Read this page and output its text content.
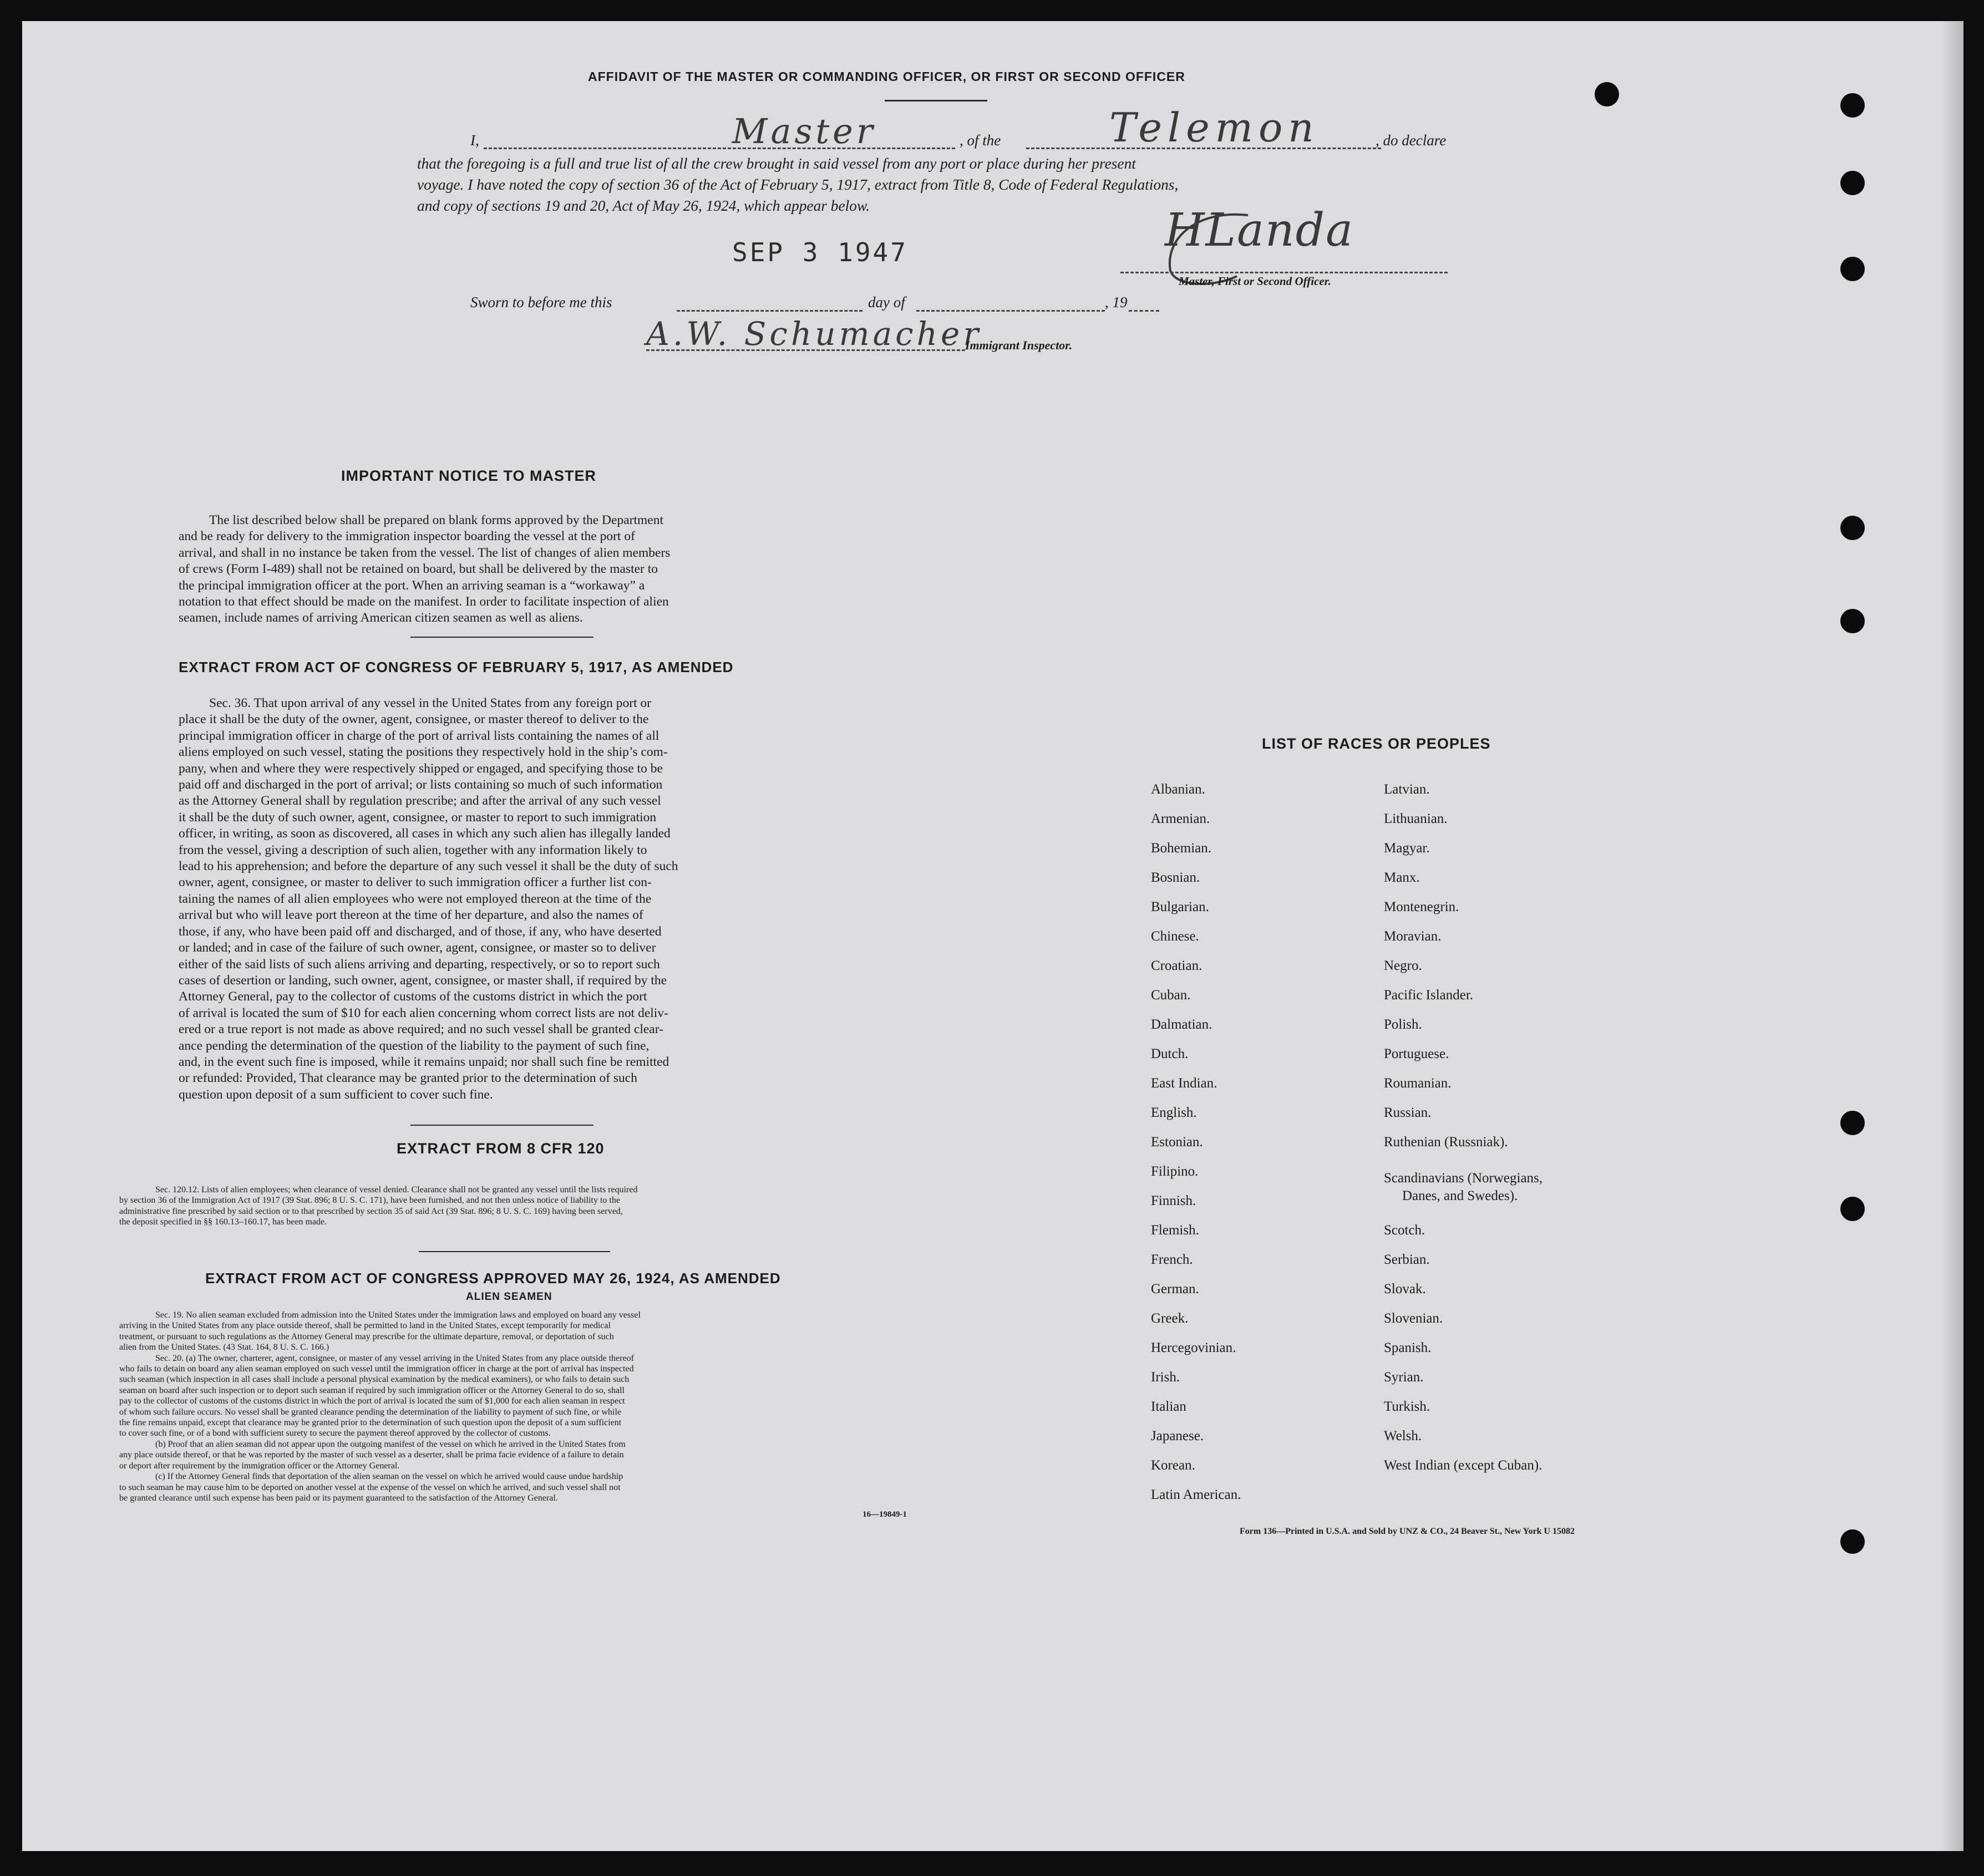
AFFIDAVIT OF THE MASTER OR COMMANDING OFFICER, OR FIRST OR SECOND OFFICER
I,	Master	, of the	Telemon	, do declare
that the foregoing is a full and true list of all the crew brought in said vessel from any port or place during her present
voyage. I have noted the copy of section 36 of the Act of February 5, 1917, extract from Title 8, Code of Federal Regulations,
and copy of sections 19 and 20, Act of May 26, 1924, which appear below.
SEP 3 1947	HLanda
Master, First or Second Officer.
Sworn to before me this	day of	, 19
A.W. Schumacher
Immigrant Inspector.
IMPORTANT NOTICE TO MASTER
The list described below shall be prepared on blank forms approved by the Department
and be ready for delivery to the immigration inspector boarding the vessel at the port of
arrival, and shall in no instance be taken from the vessel. The list of changes of alien members
of crews (Form I-489) shall not be retained on board, but shall be delivered by the master to
the principal immigration officer at the port. When an arriving seaman is a “workaway” a
notation to that effect should be made on the manifest. In order to facilitate inspection of alien
seamen, include names of arriving American citizen seamen as well as aliens.
EXTRACT FROM ACT OF CONGRESS OF FEBRUARY 5, 1917, AS AMENDED
Sec. 36. That upon arrival of any vessel in the United States from any foreign port or
place it shall be the duty of the owner, agent, consignee, or master thereof to deliver to the
principal immigration officer in charge of the port of arrival lists containing the names of all
aliens employed on such vessel, stating the positions they respectively hold in the ship’s com-
pany, when and where they were respectively shipped or engaged, and specifying those to be
paid off and discharged in the port of arrival; or lists containing so much of such information
as the Attorney General shall by regulation prescribe; and after the arrival of any such vessel
it shall be the duty of such owner, agent, consignee, or master to report to such immigration
officer, in writing, as soon as discovered, all cases in which any such alien has illegally landed
from the vessel, giving a description of such alien, together with any information likely to
lead to his apprehension; and before the departure of any such vessel it shall be the duty of such
owner, agent, consignee, or master to deliver to such immigration officer a further list con-
taining the names of all alien employees who were not employed thereon at the time of the
arrival but who will leave port thereon at the time of her departure, and also the names of
those, if any, who have been paid off and discharged, and of those, if any, who have deserted
or landed; and in case of the failure of such owner, agent, consignee, or master so to deliver
either of the said lists of such aliens arriving and departing, respectively, or so to report such
cases of desertion or landing, such owner, agent, consignee, or master shall, if required by the
Attorney General, pay to the collector of customs of the customs district in which the port
of arrival is located the sum of $10 for each alien concerning whom correct lists are not deliv-
ered or a true report is not made as above required; and no such vessel shall be granted clear-
ance pending the determination of the question of the liability to the payment of such fine,
and, in the event such fine is imposed, while it remains unpaid; nor shall such fine be remitted
or refunded: Provided, That clearance may be granted prior to the determination of such
question upon deposit of a sum sufficient to cover such fine.
EXTRACT FROM 8 CFR 120
Sec. 120.12. Lists of alien employees; when clearance of vessel denied. Clearance shall not be granted any vessel until the lists required
by section 36 of the Immigration Act of 1917 (39 Stat. 896; 8 U. S. C. 171), have been furnished, and not then unless notice of liability to the
administrative fine prescribed by said section or to that prescribed by section 35 of said Act (39 Stat. 896; 8 U. S. C. 169) having been served,
the deposit specified in §§ 160.13–160.17, has been made.
EXTRACT FROM ACT OF CONGRESS APPROVED MAY 26, 1924, AS AMENDED
ALIEN SEAMEN
Sec. 19. No alien seaman excluded from admission into the United States under the immigration laws and employed on board any vessel
arriving in the United States from any place outside thereof, shall be permitted to land in the United States, except temporarily for medical
treatment, or pursuant to such regulations as the Attorney General may prescribe for the ultimate departure, removal, or deportation of such
alien from the United States. (43 Stat. 164, 8 U. S. C. 166.)
Sec. 20. (a) The owner, charterer, agent, consignee, or master of any vessel arriving in the United States from any place outside thereof
who fails to detain on board any alien seaman employed on such vessel until the immigration officer in charge at the port of arrival has inspected
such seaman (which inspection in all cases shall include a personal physical examination by the medical examiners), or who fails to detain such
seaman on board after such inspection or to deport such seaman if required by such immigration officer or the Attorney General to do so, shall
pay to the collector of customs of the customs district in which the port of arrival is located the sum of $1,000 for each alien seaman in respect
of whom such failure occurs. No vessel shall be granted clearance pending the determination of the liability to payment of such fine, or while
the fine remains unpaid, except that clearance may be granted prior to the determination of such question upon the deposit of a sum sufficient
to cover such fine, or of a bond with sufficient surety to secure the payment thereof approved by the collector of customs.
(b) Proof that an alien seaman did not appear upon the outgoing manifest of the vessel on which he arrived in the United States from
any place outside thereof, or that he was reported by the master of such vessel as a deserter, shall be prima facie evidence of a failure to detain
or deport after requirement by the immigration officer or the Attorney General.
(c) If the Attorney General finds that deportation of the alien seaman on the vessel on which he arrived would cause undue hardship
to such seaman he may cause him to be deported on another vessel at the expense of the vessel on which he arrived, and such vessel shall not
be granted clearance until such expense has been paid or its payment guaranteed to the satisfaction of the Attorney General.
16—19849-1
LIST OF RACES OR PEOPLES
Albanian.
Armenian.
Bohemian.
Bosnian.
Bulgarian.
Chinese.
Croatian.
Cuban.
Dalmatian.
Dutch.
East Indian.
English.
Estonian.
Filipino.
Finnish.
Flemish.
French.
German.
Greek.
Hercegovinian.
Irish.
Italian
Japanese.
Korean.
Latin American.
Latvian.
Lithuanian.
Magyar.
Manx.
Montenegrin.
Moravian.
Negro.
Pacific Islander.
Polish.
Portuguese.
Roumanian.
Russian.
Ruthenian (Russniak).
Scandinavians (Norwegians,
Danes, and Swedes).
Scotch.
Serbian.
Slovak.
Slovenian.
Spanish.
Syrian.
Turkish.
Welsh.
West Indian (except Cuban).
Form 136—Printed in U.S.A. and Sold by UNZ & CO., 24 Beaver St., New York U 15082
